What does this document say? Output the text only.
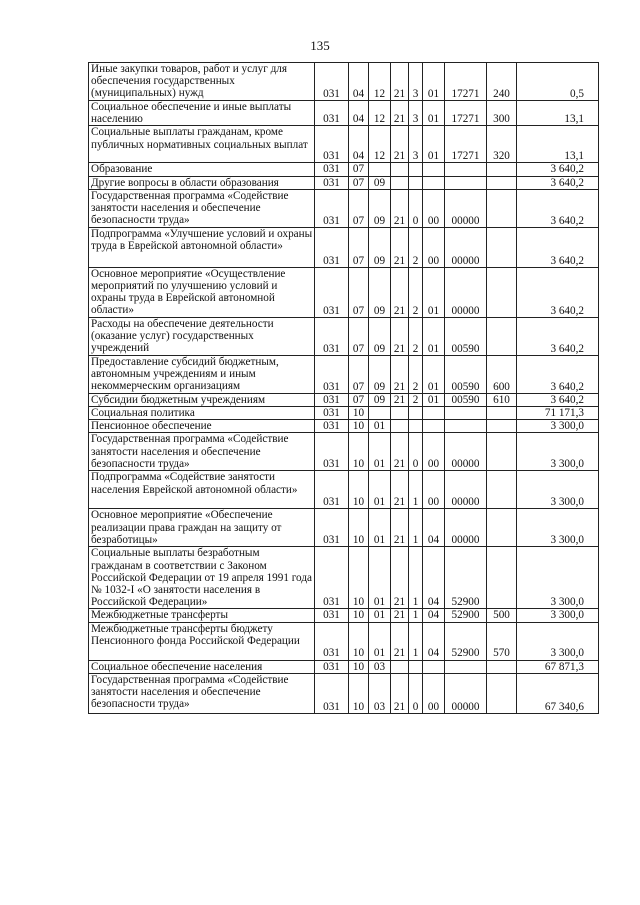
135
Иные закупки товаров, работ и услуг для обеспечения государственных (муниципальных) нужд	031	04	12	21	3	01	17271	240	0,5
Социальное обеспечение и иные выплаты населению	031	04	12	21	3	01	17271	300	13,1
Социальные выплаты гражданам, кроме публичных нормативных социальных выплат	031	04	12	21	3	01	17271	320	13,1
Образование	031	07							3 640,2
Другие вопросы в области образования	031	07	09						3 640,2
Государственная программа «Содействие занятости населения и обеспечение безопасности труда»	031	07	09	21	0	00	00000		3 640,2
Подпрограмма «Улучшение условий и охраны труда в Еврейской автономной области»	031	07	09	21	2	00	00000		3 640,2
Основное мероприятие «Осуществление мероприятий по улучшению условий и охраны труда в Еврейской автономной области»	031	07	09	21	2	01	00000		3 640,2
Расходы на обеспечение деятельности (оказание услуг) государственных учреждений	031	07	09	21	2	01	00590		3 640,2
Предоставление субсидий бюджетным, автономным учреждениям и иным некоммерческим организациям	031	07	09	21	2	01	00590	600	3 640,2
Субсидии бюджетным учреждениям	031	07	09	21	2	01	00590	610	3 640,2
Социальная политика	031	10							71 171,3
Пенсионное обеспечение	031	10	01						3 300,0
Государственная программа «Содействие занятости населения и обеспечение безопасности труда»	031	10	01	21	0	00	00000		3 300,0
Подпрограмма «Содействие занятости населения Еврейской автономной области»	031	10	01	21	1	00	00000		3 300,0
Основное мероприятие «Обеспечение реализации права граждан на защиту от безработицы»	031	10	01	21	1	04	00000		3 300,0
Социальные выплаты безработным гражданам в соответствии с Законом Российской Федерации от 19 апреля 1991 года № 1032-I «О занятости населения в Российской Федерации»	031	10	01	21	1	04	52900		3 300,0
Межбюджетные трансферты	031	10	01	21	1	04	52900	500	3 300,0
Межбюджетные трансферты бюджету Пенсионного фонда Российской Федерации	031	10	01	21	1	04	52900	570	3 300,0
Социальное обеспечение населения	031	10	03						67 871,3
Государственная программа «Содействие занятости населения и обеспечение безопасности труда»	031	10	03	21	0	00	00000		67 340,6
